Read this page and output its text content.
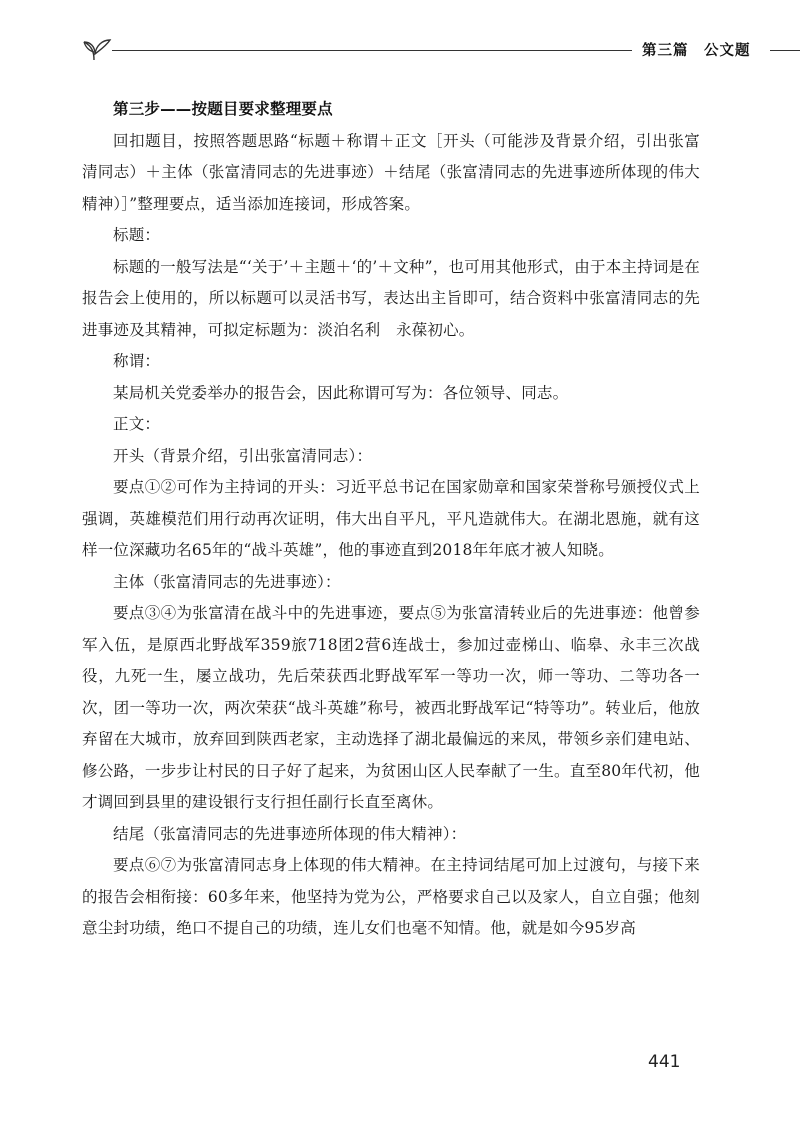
第三篇　公文题

第三步——按题目要求整理要点

回扣题目，按照答题思路“标题＋称谓＋正文［开头（可能涉及背景介绍，引出张富清同志）＋主体（张富清同志的先进事迹）＋结尾（张富清同志的先进事迹所体现的伟大精神）］”整理要点，适当添加连接词，形成答案。

标题：

标题的一般写法是“‘关于’＋主题＋‘的’＋文种”，也可用其他形式，由于本主持词是在报告会上使用的，所以标题可以灵活书写，表达出主旨即可，结合资料中张富清同志的先进事迹及其精神，可拟定标题为：淡泊名利　永葆初心。

称谓：

某局机关党委举办的报告会，因此称谓可写为：各位领导、同志。

正文：

开头（背景介绍，引出张富清同志）：

要点①②可作为主持词的开头：习近平总书记在国家勋章和国家荣誉称号颁授仪式上强调，英雄模范们用行动再次证明，伟大出自平凡，平凡造就伟大。在湖北恩施，就有这样一位深藏功名65年的“战斗英雄”，他的事迹直到2018年年底才被人知晓。

主体（张富清同志的先进事迹）：

要点③④为张富清在战斗中的先进事迹，要点⑤为张富清转业后的先进事迹：他曾参军入伍，是原西北野战军359旅718团2营6连战士，参加过壶梯山、临皋、永丰三次战役，九死一生，屡立战功，先后荣获西北野战军军一等功一次，师一等功、二等功各一次，团一等功一次，两次荣获“战斗英雄”称号，被西北野战军记“特等功”。转业后，他放弃留在大城市，放弃回到陕西老家，主动选择了湖北最偏远的来凤，带领乡亲们建电站、修公路，一步步让村民的日子好了起来，为贫困山区人民奉献了一生。直至80年代初，他才调回到县里的建设银行支行担任副行长直至离休。

结尾（张富清同志的先进事迹所体现的伟大精神）：

要点⑥⑦为张富清同志身上体现的伟大精神。在主持词结尾可加上过渡句，与接下来的报告会相衔接：60多年来，他坚持为党为公，严格要求自己以及家人，自立自强；他刻意尘封功绩，绝口不提自己的功绩，连儿女们也毫不知情。他，就是如今95岁高

441
